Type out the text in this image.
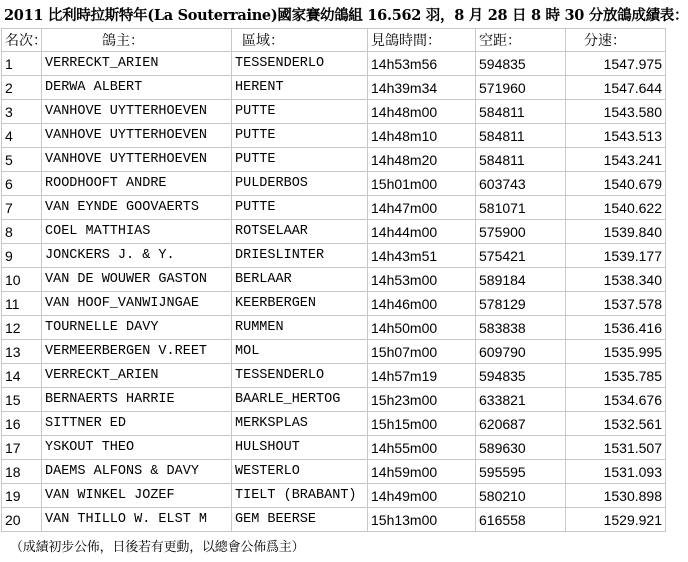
2011 比利時拉斯特年(La Souterraine)國家賽幼鴿組 16.562 羽，8 月 28 日 8 時 30 分放鴿成績表：
名次：	鴿主：	區域：	見鴿時間：	空距：	分速：
1	VERRECKT_ARIEN	TESSENDERLO	14h53m56	594835	1547.975
2	DERWA ALBERT	HERENT	14h39m34	571960	1547.644
3	VANHOVE UYTTERHOEVEN	PUTTE	14h48m00	584811	1543.580
4	VANHOVE UYTTERHOEVEN	PUTTE	14h48m10	584811	1543.513
5	VANHOVE UYTTERHOEVEN	PUTTE	14h48m20	584811	1543.241
6	ROODHOOFT ANDRE	PULDERBOS	15h01m00	603743	1540.679
7	VAN EYNDE GOOVAERTS	PUTTE	14h47m00	581071	1540.622
8	COEL MATTHIAS	ROTSELAAR	14h44m00	575900	1539.840
9	JONCKERS J. & Y.	DRIESLINTER	14h43m51	575421	1539.177
10	VAN DE WOUWER GASTON	BERLAAR	14h53m00	589184	1538.340
11	VAN HOOF_VANWIJNGAE	KEERBERGEN	14h46m00	578129	1537.578
12	TOURNELLE DAVY	RUMMEN	14h50m00	583838	1536.416
13	VERMEERBERGEN V.REET	MOL	15h07m00	609790	1535.995
14	VERRECKT_ARIEN	TESSENDERLO	14h57m19	594835	1535.785
15	BERNAERTS HARRIE	BAARLE_HERTOG	15h23m00	633821	1534.676
16	SITTNER ED	MERKSPLAS	15h15m00	620687	1532.561
17	YSKOUT THEO	HULSHOUT	14h55m00	589630	1531.507
18	DAEMS ALFONS & DAVY	WESTERLO	14h59m00	595595	1531.093
19	VAN WINKEL JOZEF	TIELT (BRABANT)	14h49m00	580210	1530.898
20	VAN THILLO W. ELST M	GEM BEERSE	15h13m00	616558	1529.921
（成績初步公佈，日後若有更動，以總會公佈爲主）
